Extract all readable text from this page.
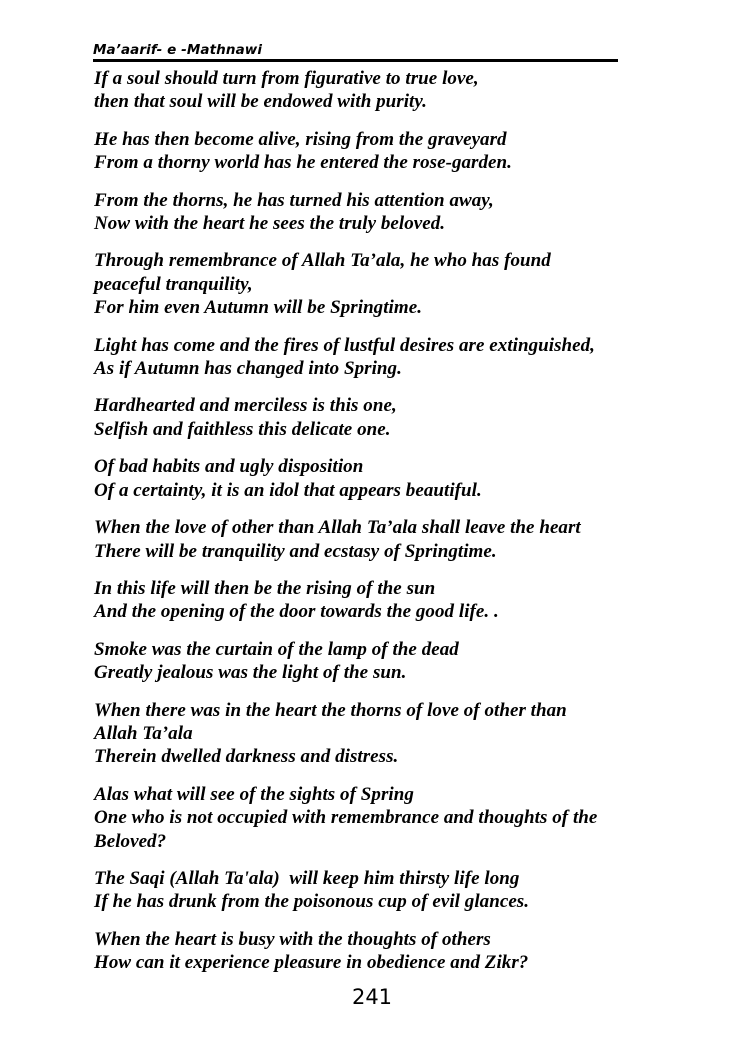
Ma’aarif- e -Mathnawi
If a soul should turn from figurative to true love,
then that soul will be endowed with purity.
He has then become alive, rising from the graveyard
From a thorny world has he entered the rose-garden.
From the thorns, he has turned his attention away,
Now with the heart he sees the truly beloved.
Through remembrance of Allah Ta’ala, he who has found
peaceful tranquility,
For him even Autumn will be Springtime.
Light has come and the fires of lustful desires are extinguished,
As if Autumn has changed into Spring.
Hardhearted and merciless is this one,
Selfish and faithless this delicate one.
Of bad habits and ugly disposition
Of a certainty, it is an idol that appears beautiful.
When the love of other than Allah Ta’ala shall leave the heart
There will be tranquility and ecstasy of Springtime.
In this life will then be the rising of the sun
And the opening of the door towards the good life. .
Smoke was the curtain of the lamp of the dead
Greatly jealous was the light of the sun.
When there was in the heart the thorns of love of other than
Allah Ta’ala
Therein dwelled darkness and distress.
Alas what will see of the sights of Spring
One who is not occupied with remembrance and thoughts of the
Beloved?
The Saqi (Allah Ta'ala)  will keep him thirsty life long
If he has drunk from the poisonous cup of evil glances.
When the heart is busy with the thoughts of others
How can it experience pleasure in obedience and Zikr?
241
